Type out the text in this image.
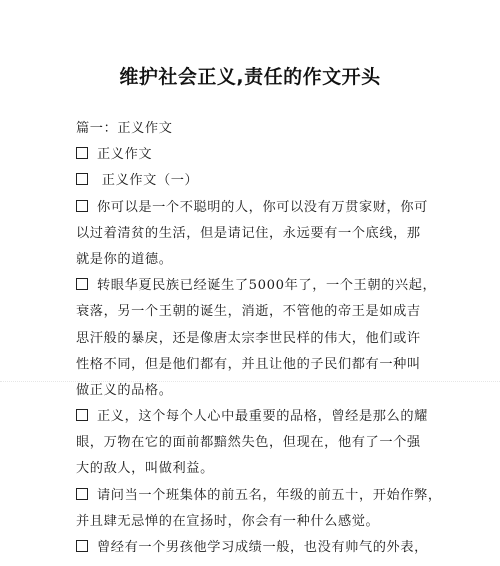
维护社会正义,责任的作文开头
篇一：正义作文
正义作文
正义作文（一）
你可以是一个不聪明的人，你可以没有万贯家财，你可
以过着清贫的生活，但是请记住，永远要有一个底线，那
就是你的道德。
转眼华夏民族已经诞生了5000年了，一个王朝的兴起，
衰落，另一个王朝的诞生，消逝，不管他的帝王是如成吉
思汗般的暴戾，还是像唐太宗李世民样的伟大，他们或许
性格不同，但是他们都有，并且让他的子民们都有一种叫
做正义的品格。
正义，这个每个人心中最重要的品格，曾经是那么的耀
眼，万物在它的面前都黯然失色，但现在，他有了一个强
大的敌人，叫做利益。
请问当一个班集体的前五名，年级的前五十，开始作弊，
并且肆无忌惮的在宣扬时，你会有一种什么感觉。
曾经有一个男孩他学习成绩一般，也没有帅气的外表，
